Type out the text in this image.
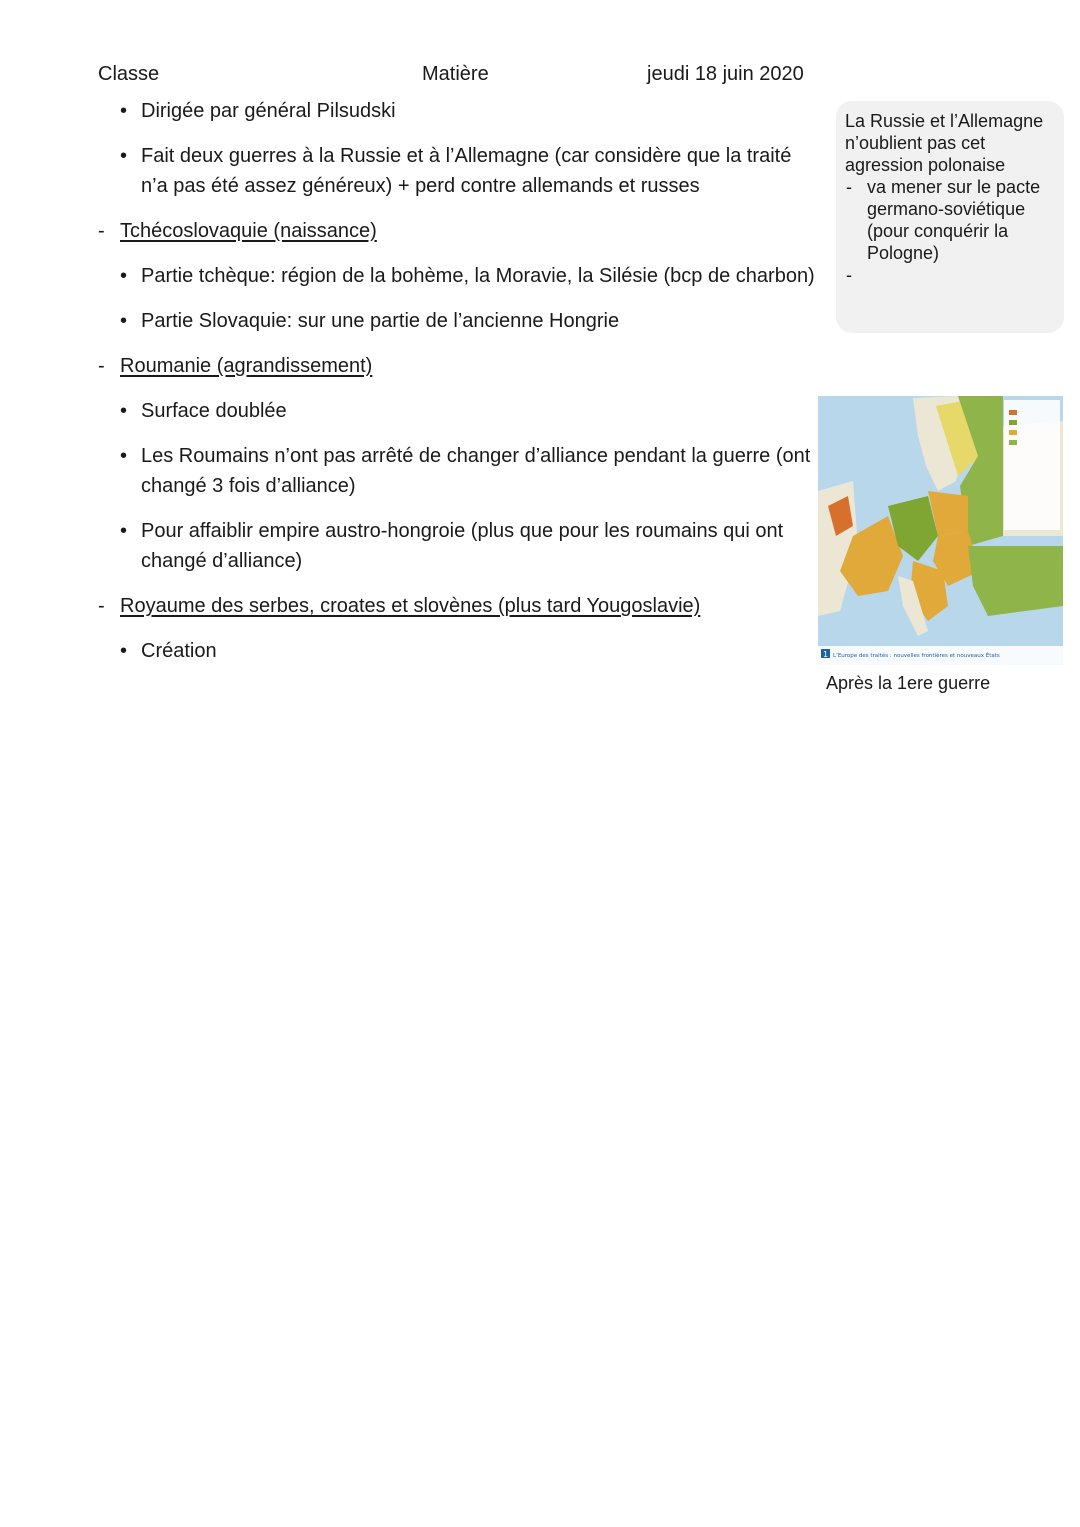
Classe	Matière	jeudi 18 juin 2020
• Dirigée par général Pilsudski
• Fait deux guerres à la Russie et à l’Allemagne (car considère que la traité n’a pas été assez généreux) + perd contre allemands et russes
- Tchécoslovaquie (naissance)
• Partie tchèque: région de la bohème, la Moravie, la Silésie (bcp de charbon)
• Partie Slovaquie: sur une partie de l’ancienne Hongrie
- Roumanie (agrandissement)
• Surface doublée
• Les Roumains n’ont pas arrêté de changer d’alliance pendant la guerre (ont changé 3 fois d’alliance)
• Pour affaiblir empire austro-hongroie (plus que pour les roumains qui ont changé d’alliance)
- Royaume des serbes, croates et slovènes (plus tard Yougoslavie)
• Création
La Russie et l’Allemagne n’oublient pas cet agression polonaise
- va mener sur le pacte germano-soviétique (pour conquérir la Pologne)
-
1 L’Europe des traités : nouvelles frontières et nouveaux États
Après la 1ere guerre
